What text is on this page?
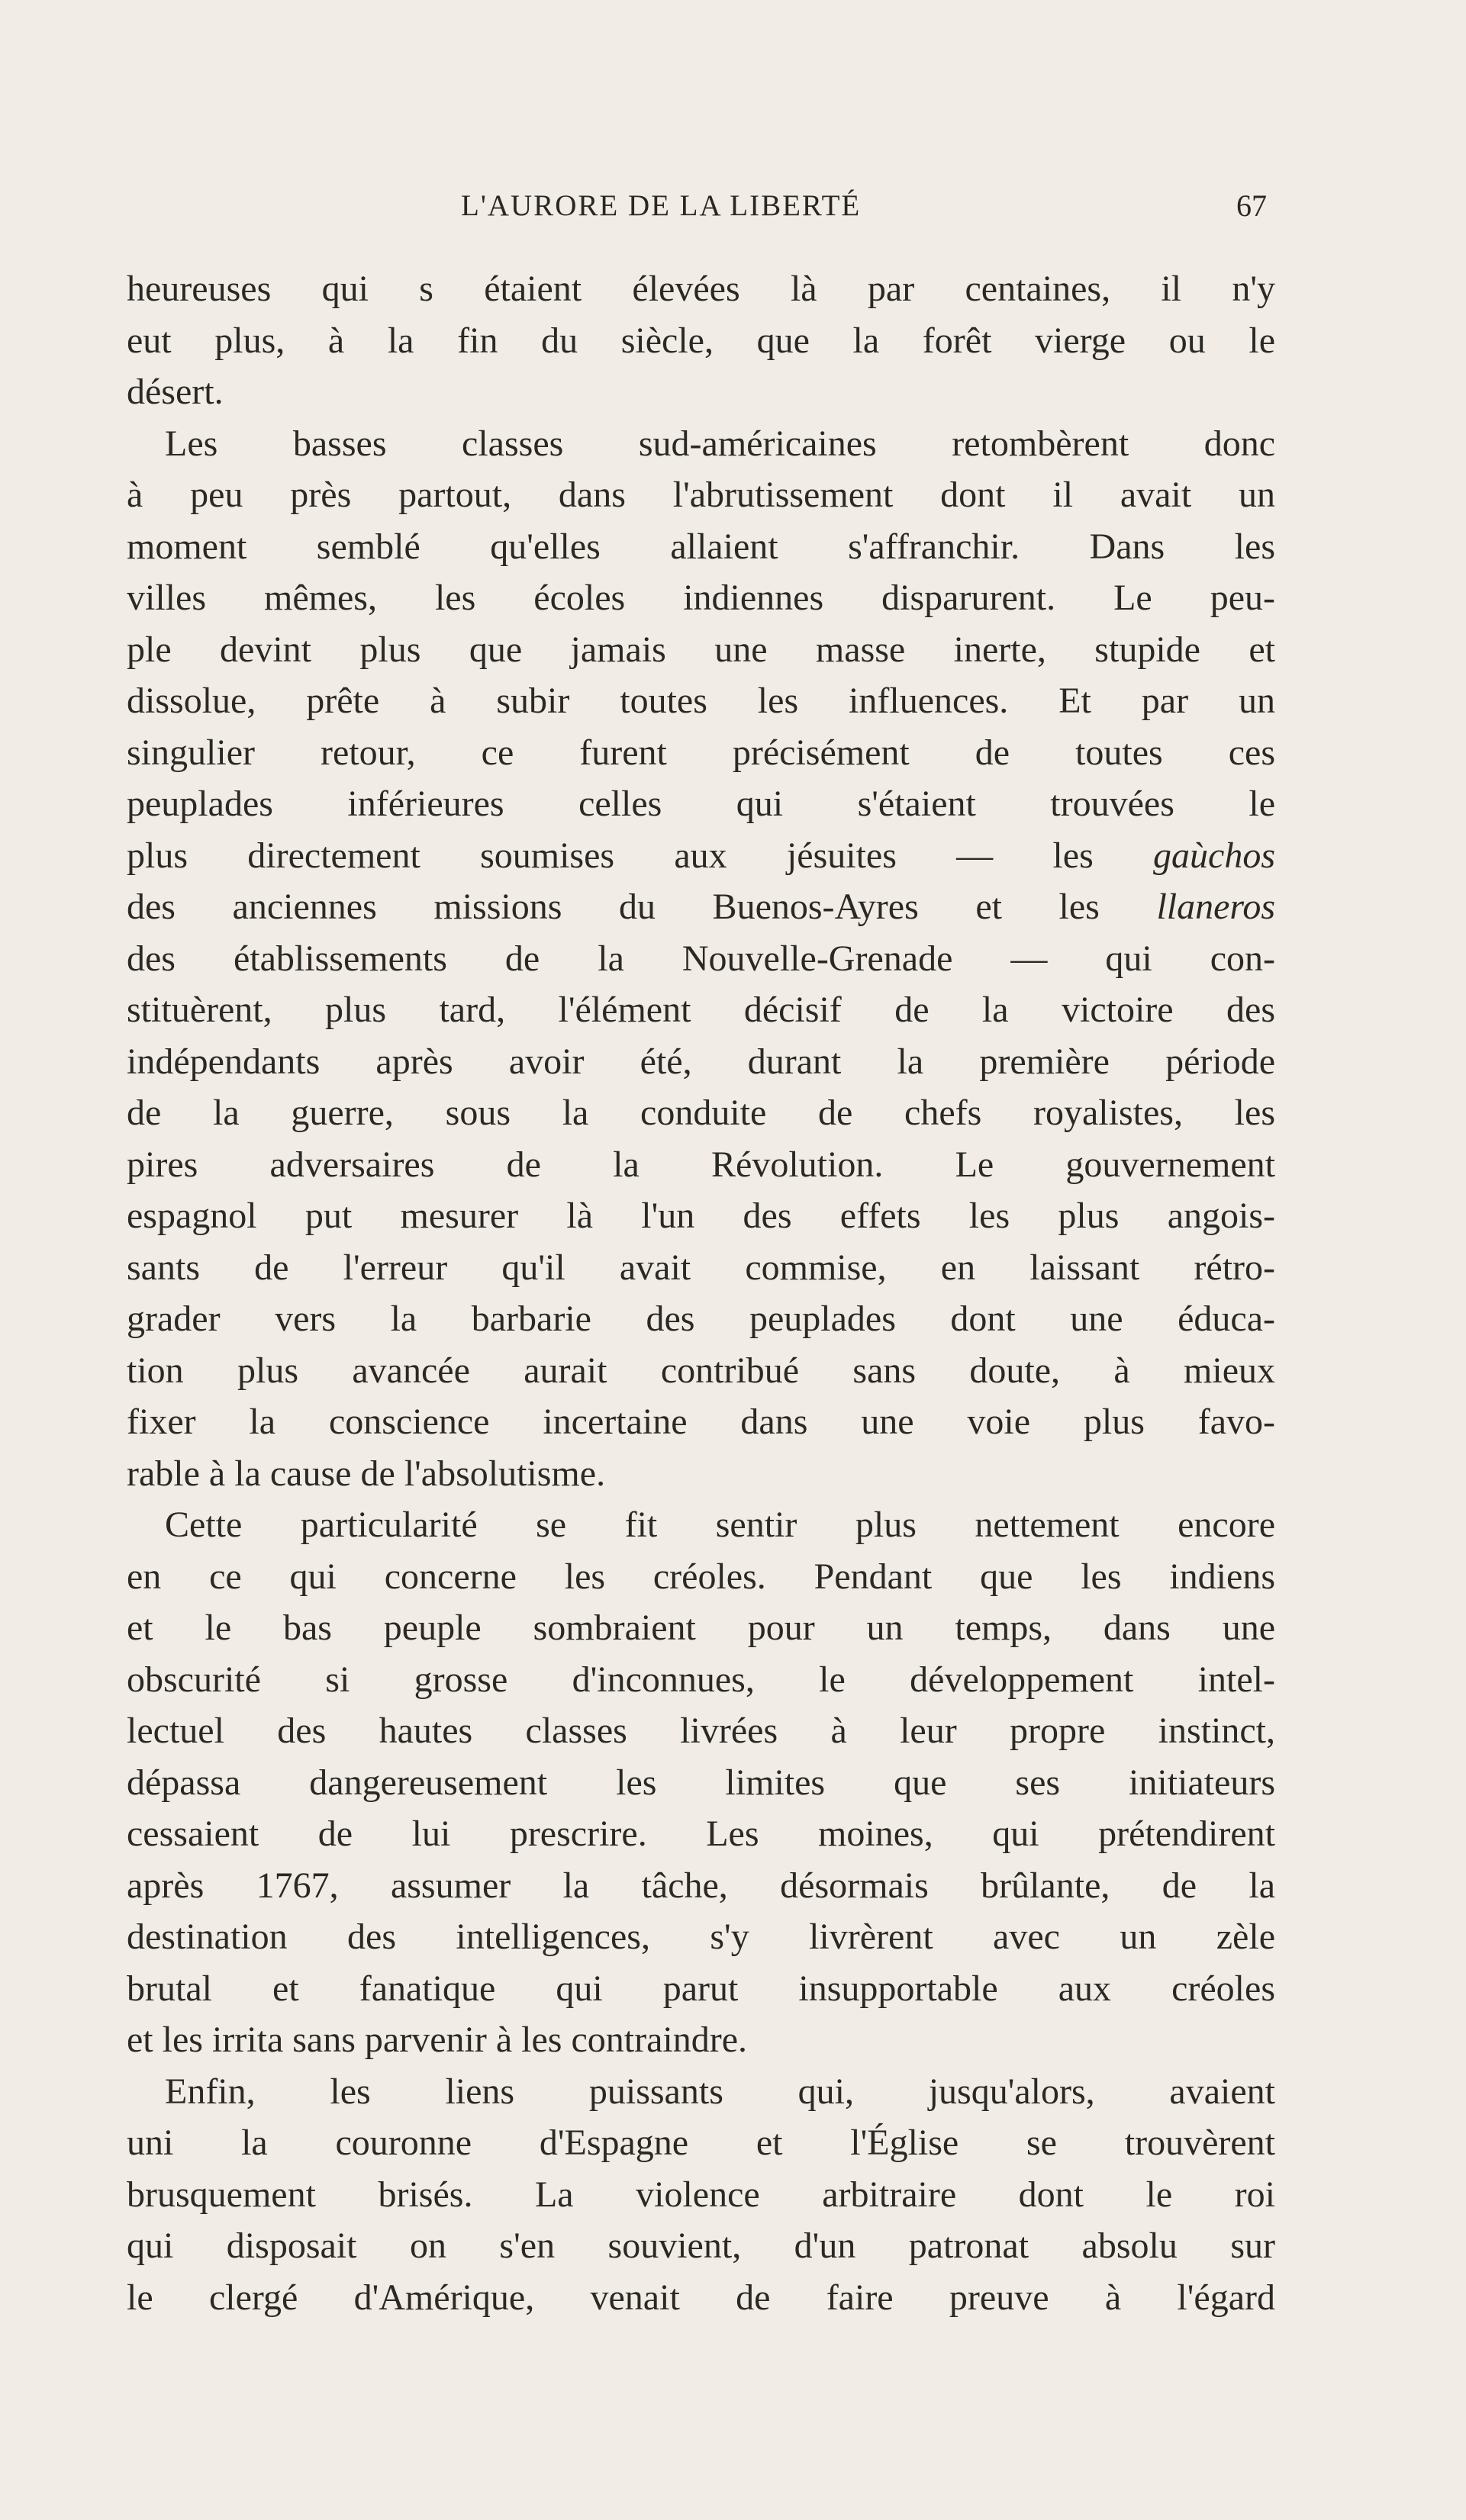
L'AURORE DE LA LIBERTÉ	67
heureuses qui s étaient élevées là par centaines, il n'y
eut plus, à la fin du siècle, que la forêt vierge ou le
désert.
Les basses classes sud-américaines retombèrent donc
à peu près partout, dans l'abrutissement dont il avait un
moment semblé qu'elles allaient s'affranchir. Dans les
villes mêmes, les écoles indiennes disparurent. Le peu-
ple devint plus que jamais une masse inerte, stupide et
dissolue, prête à subir toutes les influences. Et par un
singulier retour, ce furent précisément de toutes ces
peuplades inférieures celles qui s'étaient trouvées le
plus directement soumises aux jésuites — les gaùchos
des anciennes missions du Buenos-Ayres et les llaneros
des établissements de la Nouvelle-Grenade — qui con-
stituèrent, plus tard, l'élément décisif de la victoire des
indépendants après avoir été, durant la première période
de la guerre, sous la conduite de chefs royalistes, les
pires adversaires de la Révolution. Le gouvernement
espagnol put mesurer là l'un des effets les plus angois-
sants de l'erreur qu'il avait commise, en laissant rétro-
grader vers la barbarie des peuplades dont une éduca-
tion plus avancée aurait contribué sans doute, à mieux
fixer la conscience incertaine dans une voie plus favo-
rable à la cause de l'absolutisme.
Cette particularité se fit sentir plus nettement encore
en ce qui concerne les créoles. Pendant que les indiens
et le bas peuple sombraient pour un temps, dans une
obscurité si grosse d'inconnues, le développement intel-
lectuel des hautes classes livrées à leur propre instinct,
dépassa dangereusement les limites que ses initiateurs
cessaient de lui prescrire. Les moines, qui prétendirent
après 1767, assumer la tâche, désormais brûlante, de la
destination des intelligences, s'y livrèrent avec un zèle
brutal et fanatique qui parut insupportable aux créoles
et les irrita sans parvenir à les contraindre.
Enfin, les liens puissants qui, jusqu'alors, avaient
uni la couronne d'Espagne et l'Église se trouvèrent
brusquement brisés. La violence arbitraire dont le roi
qui disposait on s'en souvient, d'un patronat absolu sur
le clergé d'Amérique, venait de faire preuve à l'égard
